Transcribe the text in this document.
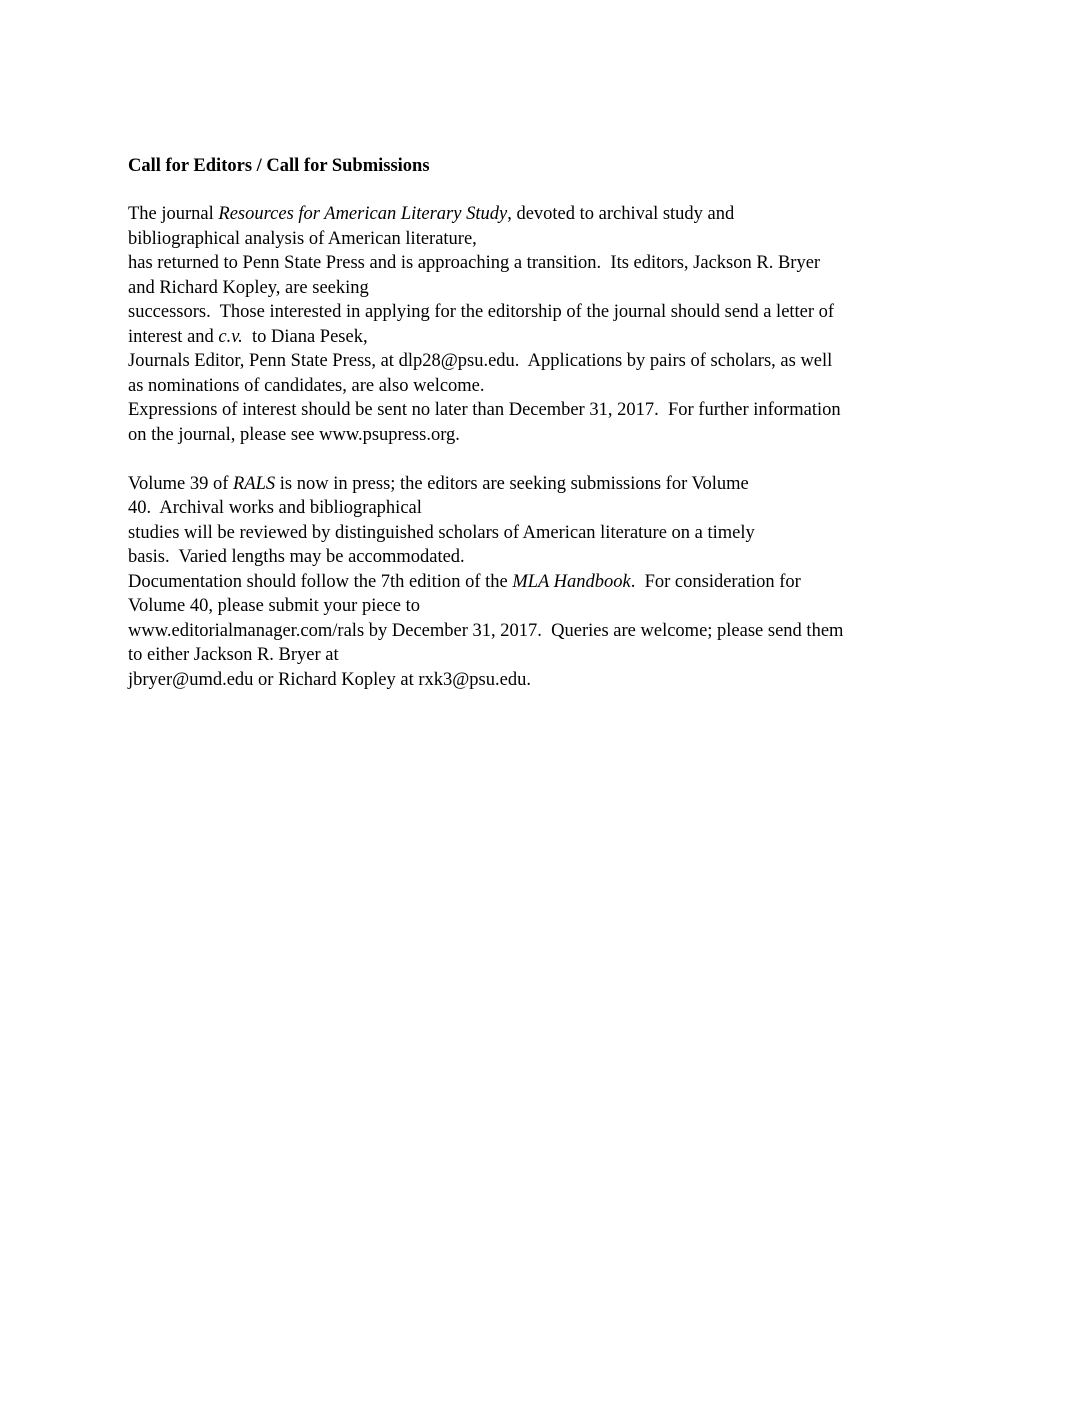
Call for Editors / Call for Submissions
The journal Resources for American Literary Study, devoted to archival study and
bibliographical analysis of American literature,
has returned to Penn State Press and is approaching a transition.  Its editors, Jackson R. Bryer
and Richard Kopley, are seeking
successors.  Those interested in applying for the editorship of the journal should send a letter of
interest and c.v.  to Diana Pesek,
Journals Editor, Penn State Press, at dlp28@psu.edu.  Applications by pairs of scholars, as well
as nominations of candidates, are also welcome.
Expressions of interest should be sent no later than December 31, 2017.  For further information
on the journal, please see www.psupress.org.
Volume 39 of RALS is now in press; the editors are seeking submissions for Volume
40.  Archival works and bibliographical
studies will be reviewed by distinguished scholars of American literature on a timely
basis.  Varied lengths may be accommodated.
Documentation should follow the 7th edition of the MLA Handbook.  For consideration for
Volume 40, please submit your piece to
www.editorialmanager.com/rals by December 31, 2017.  Queries are welcome; please send them
to either Jackson R. Bryer at
jbryer@umd.edu or Richard Kopley at rxk3@psu.edu.
